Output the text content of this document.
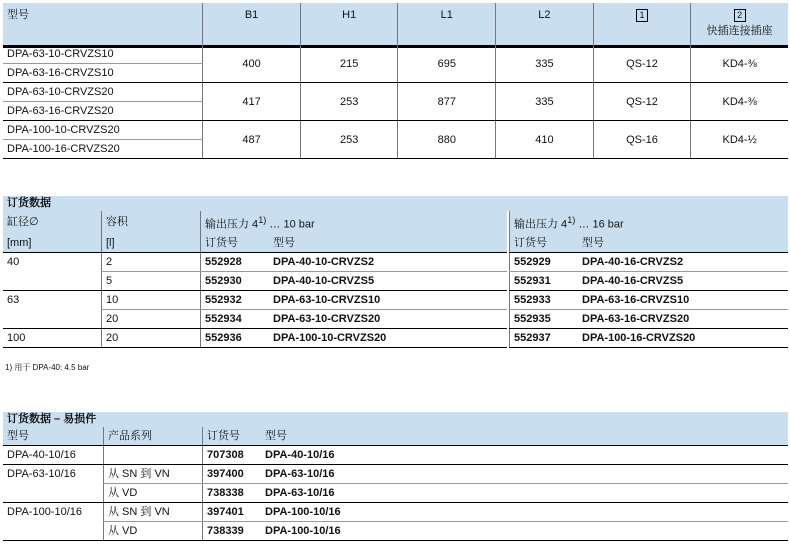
型号	B1	H1	L1	L2	1	2
快插连接插座
DPA-63-10-CRVZS10	400	215	695	335	QS-12	KD4-⅜
DPA-63-16-CRVZS10						
DPA-63-10-CRVZS20	417	253	877	335	QS-12	KD4-⅜
DPA-63-16-CRVZS20						
DPA-100-10-CRVZS20	487	253	880	410	QS-16	KD4-½
DPA-100-16-CRVZS20						
订货数据
缸径∅	容积	输出压力 4$^{1)}$ … 10 bar			输出压力 4$^{1)}$ … 16 bar	
[mm]	[l]	订货号	型号		订货号	型号
40	2	552928	DPA-40-10-CRVZS2		552929	DPA-40-16-CRVZS2
	5	552930	DPA-40-10-CRVZS5		552931	DPA-40-16-CRVZS5
63	10	552932	DPA-63-10-CRVZS10		552933	DPA-63-16-CRVZS10
	20	552934	DPA-63-10-CRVZS20		552935	DPA-63-16-CRVZS20
100	20	552936	DPA-100-10-CRVZS20		552937	DPA-100-16-CRVZS20
1) 用于 DPA-40: 4.5 bar
订货数据 – 易损件
型号	产品系列	订货号	型号
DPA-40-10/16		707308	DPA-40-10/16
DPA-63-10/16	从 SN 到 VN	397400	DPA-63-10/16
	从 VD	738338	DPA-63-10/16
DPA-100-10/16	从 SN 到 VN	397401	DPA-100-10/16
	从 VD	738339	DPA-100-10/16
